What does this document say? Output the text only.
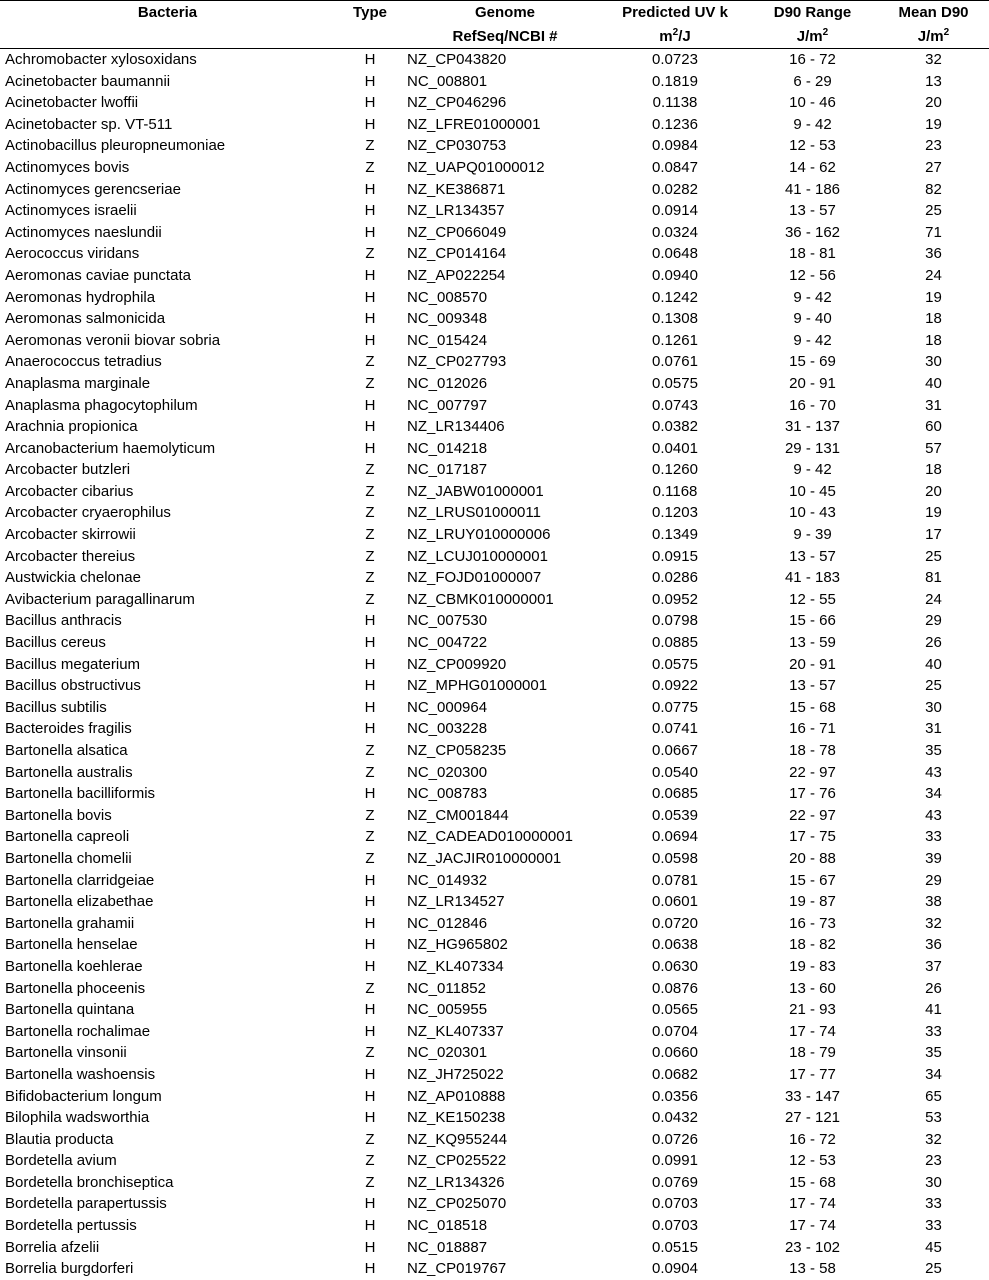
Bacteria	Type	Genome	Predicted UV k	D90 Range	Mean D90
		RefSeq/NCBI #	$m^2/J$	$J/m^2$	$J/m^2$
Achromobacter xylosoxidans	H	NZ_CP043820	0.0723	16 - 72	32
Acinetobacter baumannii	H	NC_008801	0.1819	6 - 29	13
Acinetobacter lwoffii	H	NZ_CP046296	0.1138	10 - 46	20
Acinetobacter sp. VT-511	H	NZ_LFRE01000001	0.1236	9 - 42	19
Actinobacillus pleuropneumoniae	Z	NZ_CP030753	0.0984	12 - 53	23
Actinomyces bovis	Z	NZ_UAPQ01000012	0.0847	14 - 62	27
Actinomyces gerencseriae	H	NZ_KE386871	0.0282	41 - 186	82
Actinomyces israelii	H	NZ_LR134357	0.0914	13 - 57	25
Actinomyces naeslundii	H	NZ_CP066049	0.0324	36 - 162	71
Aerococcus viridans	Z	NZ_CP014164	0.0648	18 - 81	36
Aeromonas caviae punctata	H	NZ_AP022254	0.0940	12 - 56	24
Aeromonas hydrophila	H	NC_008570	0.1242	9 - 42	19
Aeromonas salmonicida	H	NC_009348	0.1308	9 - 40	18
Aeromonas veronii biovar sobria	H	NC_015424	0.1261	9 - 42	18
Anaerococcus tetradius	Z	NZ_CP027793	0.0761	15 - 69	30
Anaplasma marginale	Z	NC_012026	0.0575	20 - 91	40
Anaplasma phagocytophilum	H	NC_007797	0.0743	16 - 70	31
Arachnia propionica	H	NZ_LR134406	0.0382	31 - 137	60
Arcanobacterium haemolyticum	H	NC_014218	0.0401	29 - 131	57
Arcobacter butzleri	Z	NC_017187	0.1260	9 - 42	18
Arcobacter cibarius	Z	NZ_JABW01000001	0.1168	10 - 45	20
Arcobacter cryaerophilus	Z	NZ_LRUS01000011	0.1203	10 - 43	19
Arcobacter skirrowii	Z	NZ_LRUY010000006	0.1349	9 - 39	17
Arcobacter thereius	Z	NZ_LCUJ010000001	0.0915	13 - 57	25
Austwickia chelonae	Z	NZ_FOJD01000007	0.0286	41 - 183	81
Avibacterium paragallinarum	Z	NZ_CBMK010000001	0.0952	12 - 55	24
Bacillus anthracis	H	NC_007530	0.0798	15 - 66	29
Bacillus cereus	H	NC_004722	0.0885	13 - 59	26
Bacillus megaterium	H	NZ_CP009920	0.0575	20 - 91	40
Bacillus obstructivus	H	NZ_MPHG01000001	0.0922	13 - 57	25
Bacillus subtilis	H	NC_000964	0.0775	15 - 68	30
Bacteroides fragilis	H	NC_003228	0.0741	16 - 71	31
Bartonella alsatica	Z	NZ_CP058235	0.0667	18 - 78	35
Bartonella australis	Z	NC_020300	0.0540	22 - 97	43
Bartonella bacilliformis	H	NC_008783	0.0685	17 - 76	34
Bartonella bovis	Z	NZ_CM001844	0.0539	22 - 97	43
Bartonella capreoli	Z	NZ_CADEAD010000001	0.0694	17 - 75	33
Bartonella chomelii	Z	NZ_JACJIR010000001	0.0598	20 - 88	39
Bartonella clarridgeiae	H	NC_014932	0.0781	15 - 67	29
Bartonella elizabethae	H	NZ_LR134527	0.0601	19 - 87	38
Bartonella grahamii	H	NC_012846	0.0720	16 - 73	32
Bartonella henselae	H	NZ_HG965802	0.0638	18 - 82	36
Bartonella koehlerae	H	NZ_KL407334	0.0630	19 - 83	37
Bartonella phoceenis	Z	NC_011852	0.0876	13 - 60	26
Bartonella quintana	H	NC_005955	0.0565	21 - 93	41
Bartonella rochalimae	H	NZ_KL407337	0.0704	17 - 74	33
Bartonella vinsonii	Z	NC_020301	0.0660	18 - 79	35
Bartonella washoensis	H	NZ_JH725022	0.0682	17 - 77	34
Bifidobacterium longum	H	NZ_AP010888	0.0356	33 - 147	65
Bilophila wadsworthia	H	NZ_KE150238	0.0432	27 - 121	53
Blautia producta	Z	NZ_KQ955244	0.0726	16 - 72	32
Bordetella avium	Z	NZ_CP025522	0.0991	12 - 53	23
Bordetella bronchiseptica	Z	NZ_LR134326	0.0769	15 - 68	30
Bordetella parapertussis	H	NZ_CP025070	0.0703	17 - 74	33
Bordetella pertussis	H	NC_018518	0.0703	17 - 74	33
Borrelia afzelii	H	NC_018887	0.0515	23 - 102	45
Borrelia burgdorferi	H	NZ_CP019767	0.0904	13 - 58	25
